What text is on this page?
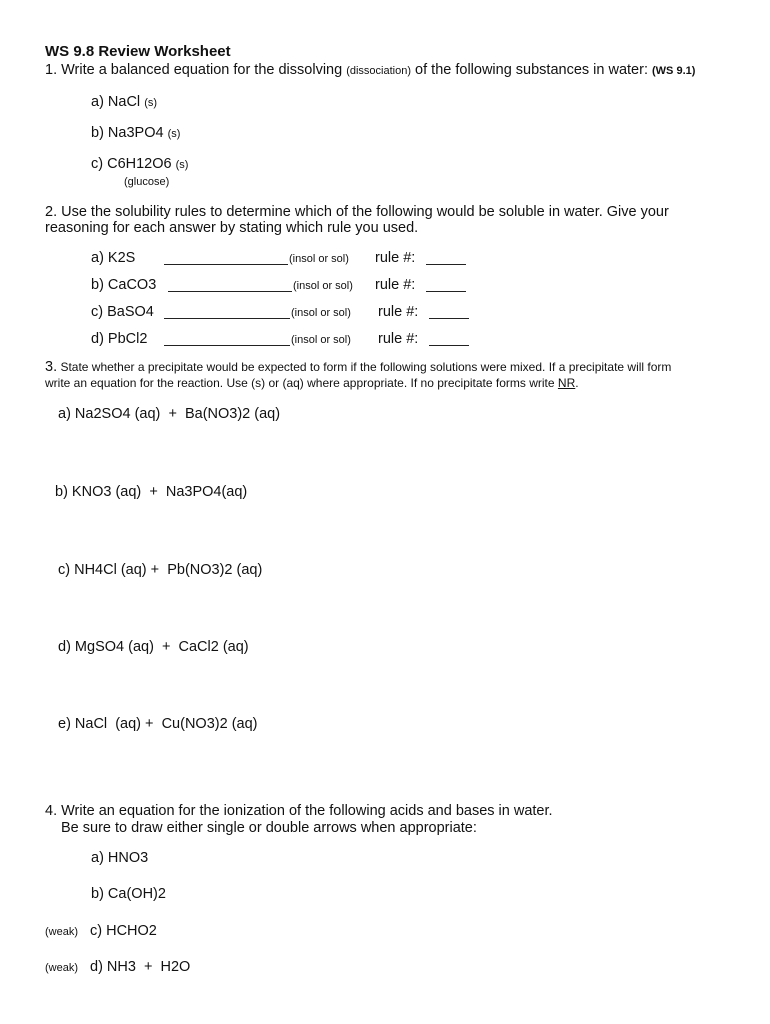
WS 9.8 Review Worksheet
1. Write a balanced equation for the dissolving (dissociation) of the following substances in water: (WS 9.1)
a) NaCl (s)
b) Na3PO4 (s)
c) C6H12O6 (s)
(glucose)
2. Use the solubility rules to determine which of the following would be soluble in water. Give your
reasoning for each answer by stating which rule you used.
a) K2S	(insol or sol) rule #:
b) CaCO3	(insol or sol) rule #:
c) BaSO4	(insol or sol) rule #:
d) PbCl2	(insol or sol) rule #:
3. State whether a precipitate would be expected to form if the following solutions were mixed. If a precipitate will form
write an equation for the reaction. Use (s) or (aq) where appropriate. If no precipitate forms write NR.
a) Na2SO4 (aq) + Ba(NO3)2 (aq)
b) KNO3 (aq) + Na3PO4(aq)
c) NH4Cl (aq) + Pb(NO3)2 (aq)
d) MgSO4 (aq) + CaCl2 (aq)
e) NaCl (aq) + Cu(NO3)2 (aq)
4. Write an equation for the ionization of the following acids and bases in water.
Be sure to draw either single or double arrows when appropriate:
a) HNO3
b) Ca(OH)2
(weak) c) HCHO2
(weak) d) NH3  +  H2O
